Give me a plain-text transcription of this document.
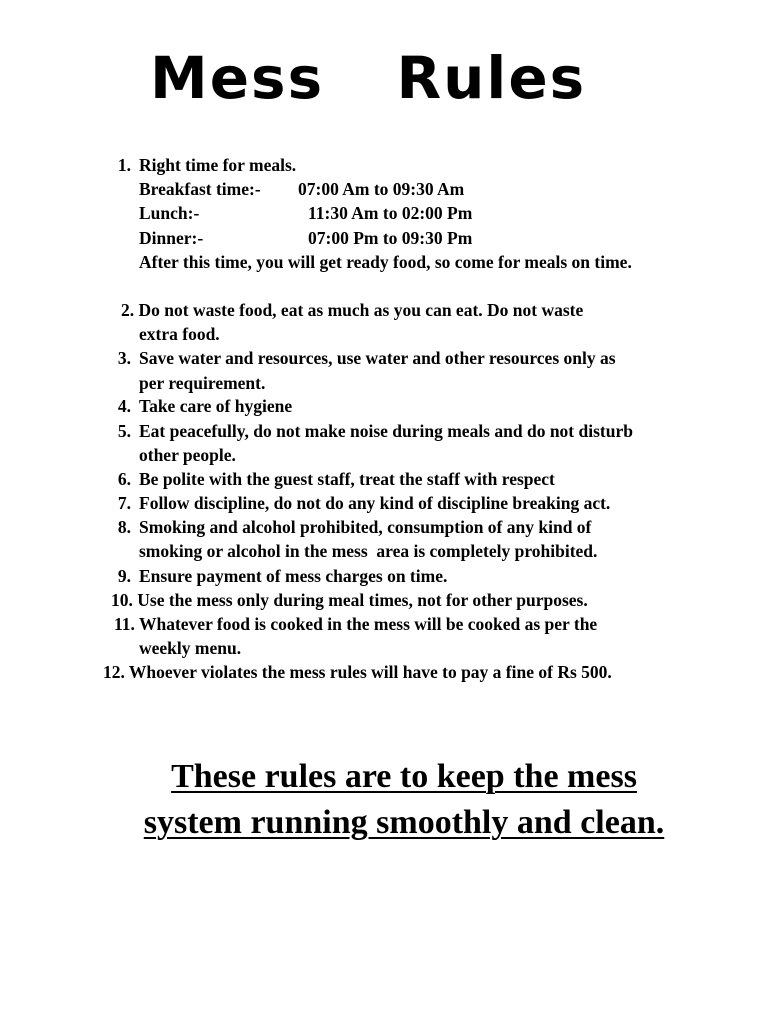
Mess  Rules
1. Right time for meals.
Breakfast time:- 07:00 Am to 09:30 Am
Lunch:-	11:30 Am to 02:00 Pm
Dinner:-	07:00 Pm to 09:30 Pm
After this time, you will get ready food, so come for meals on time.
2. Do not waste food, eat as much as you can eat. Do not waste
extra food.
3. Save water and resources, use water and other resources only as
per requirement.
4. Take care of hygiene
5. Eat peacefully, do not make noise during meals and do not disturb
other people.
6. Be polite with the guest staff, treat the staff with respect
7. Follow discipline, do not do any kind of discipline breaking act.
8. Smoking and alcohol prohibited, consumption of any kind of
smoking or alcohol in the mess  area is completely prohibited.
9. Ensure payment of mess charges on time.
10. Use the mess only during meal times, not for other purposes.
11. Whatever food is cooked in the mess will be cooked as per the
weekly menu.
12. Whoever violates the mess rules will have to pay a fine of Rs 500.
These rules are to keep the mess
system running smoothly and clean.
